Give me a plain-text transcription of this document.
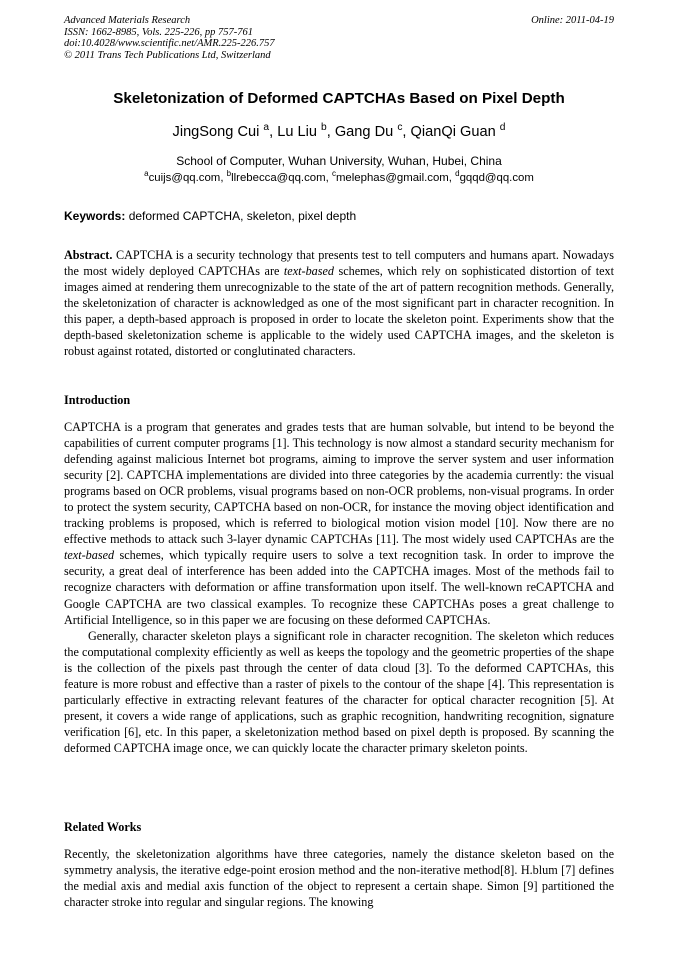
Advanced Materials Research
ISSN: 1662-8985, Vols. 225-226, pp 757-761
doi:10.4028/www.scientific.net/AMR.225-226.757
© 2011 Trans Tech Publications Ltd, Switzerland
Online: 2011-04-19
Skeletonization of Deformed CAPTCHAs Based on Pixel Depth
JingSong Cui $^a$, Lu Liu $^b$, Gang Du $^c$, QianQi Guan $^d$
School of Computer, Wuhan University, Wuhan, Hubei, China
$^a$cuijs@qq.com, $^b$llrebecca@qq.com, $^c$melephas@gmail.com, $^d$gqqd@qq.com
Keywords: deformed CAPTCHA, skeleton, pixel depth

Abstract. CAPTCHA is a security technology that presents test to tell computers and humans apart. Nowadays the most widely deployed CAPTCHAs are text-based schemes, which rely on sophisticated distortion of text images aimed at rendering them unrecognizable to the state of the art of pattern recognition methods. Generally, the skeletonization of character is acknowledged as one of the most significant part in character recognition. In this paper, a depth-based approach is proposed in order to locate the skeleton point. Experiments show that the depth-based skeletonization scheme is applicable to the widely used CAPTCHA images, and the skeleton is robust against rotated, distorted or conglutinated characters.

Introduction

CAPTCHA is a program that generates and grades tests that are human solvable, but intend to be beyond the capabilities of current computer programs [1]. This technology is now almost a standard security mechanism for defending against malicious Internet bot programs, aiming to improve the server system and user information security [2]. CAPTCHA implementations are divided into three categories by the academia currently: the visual programs based on OCR problems, visual programs based on non-OCR problems, non-visual programs. In order to protect the system security, CAPTCHA based on non-OCR, for instance the moving object identification and tracking problems is proposed, which is referred to biological motion vision model [10]. Now there are no effective methods to attack such 3-layer dynamic CAPTCHAs [11]. The most widely used CAPTCHAs are the text-based schemes, which typically require users to solve a text recognition task. In order to improve the security, a great deal of interference has been added into the CAPTCHA images. Most of the methods fail to recognize characters with deformation or affine transformation upon itself. The well-known reCAPTCHA and Google CAPTCHA are two classical examples. To recognize these CAPTCHAs poses a great challenge to Artificial Intelligence, so in this paper we are focusing on these deformed CAPTCHAs.

Generally, character skeleton plays a significant role in character recognition. The skeleton which reduces the computational complexity efficiently as well as keeps the topology and the geometric properties of the shape is the collection of the pixels past through the center of data cloud [3]. To the deformed CAPTCHAs, this feature is more robust and effective than a raster of pixels to the contour of the shape [4]. This representation is particularly effective in extracting relevant features of the character for optical character recognition [5]. At present, it covers a wide range of applications, such as graphic recognition, handwriting recognition, signature verification [6], etc. In this paper, a skeletonization method based on pixel depth is proposed. By scanning the deformed CAPTCHA image once, we can quickly locate the character primary skeleton points.

Related Works

Recently, the skeletonization algorithms have three categories, namely the distance skeleton based on the symmetry analysis, the iterative edge-point erosion method and the non-iterative method[8]. H.blum [7] defines the medial axis and medial axis function of the object to represent a certain shape. Simon [9] partitioned the character stroke into regular and singular regions. The knowing
